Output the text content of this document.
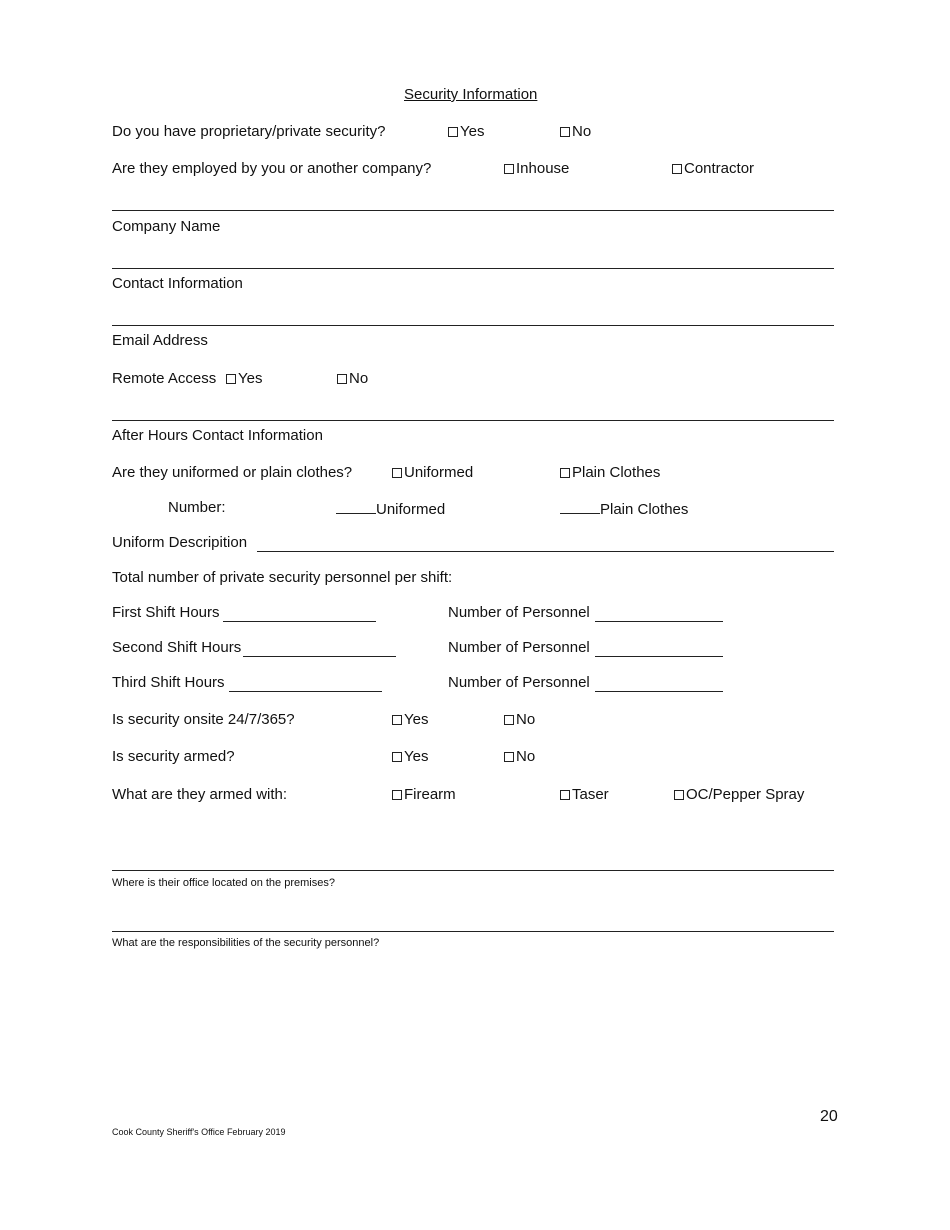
Security Information
Do you have proprietary/private security?	Yes	No
Are they employed by you or another company?	Inhouse	Contractor
Company Name
Contact Information
Email Address
Remote Access	Yes	No
After Hours Contact Information
Are they uniformed or plain clothes?	Uniformed	Plain Clothes
Number:	Uniformed	Plain Clothes
Uniform Descripition
Total number of private security personnel per shift:
First Shift Hours	Number of Personnel
Second Shift Hours	Number of Personnel
Third Shift Hours	Number of Personnel
Is security onsite 24/7/365?	Yes	No
Is security armed?	Yes	No
What are they armed with:	Firearm	Taser	OC/Pepper Spray
Where is their office located on the premises?
What are the responsibilities of the security personnel?
20
Cook County Sheriff's Office February 2019
